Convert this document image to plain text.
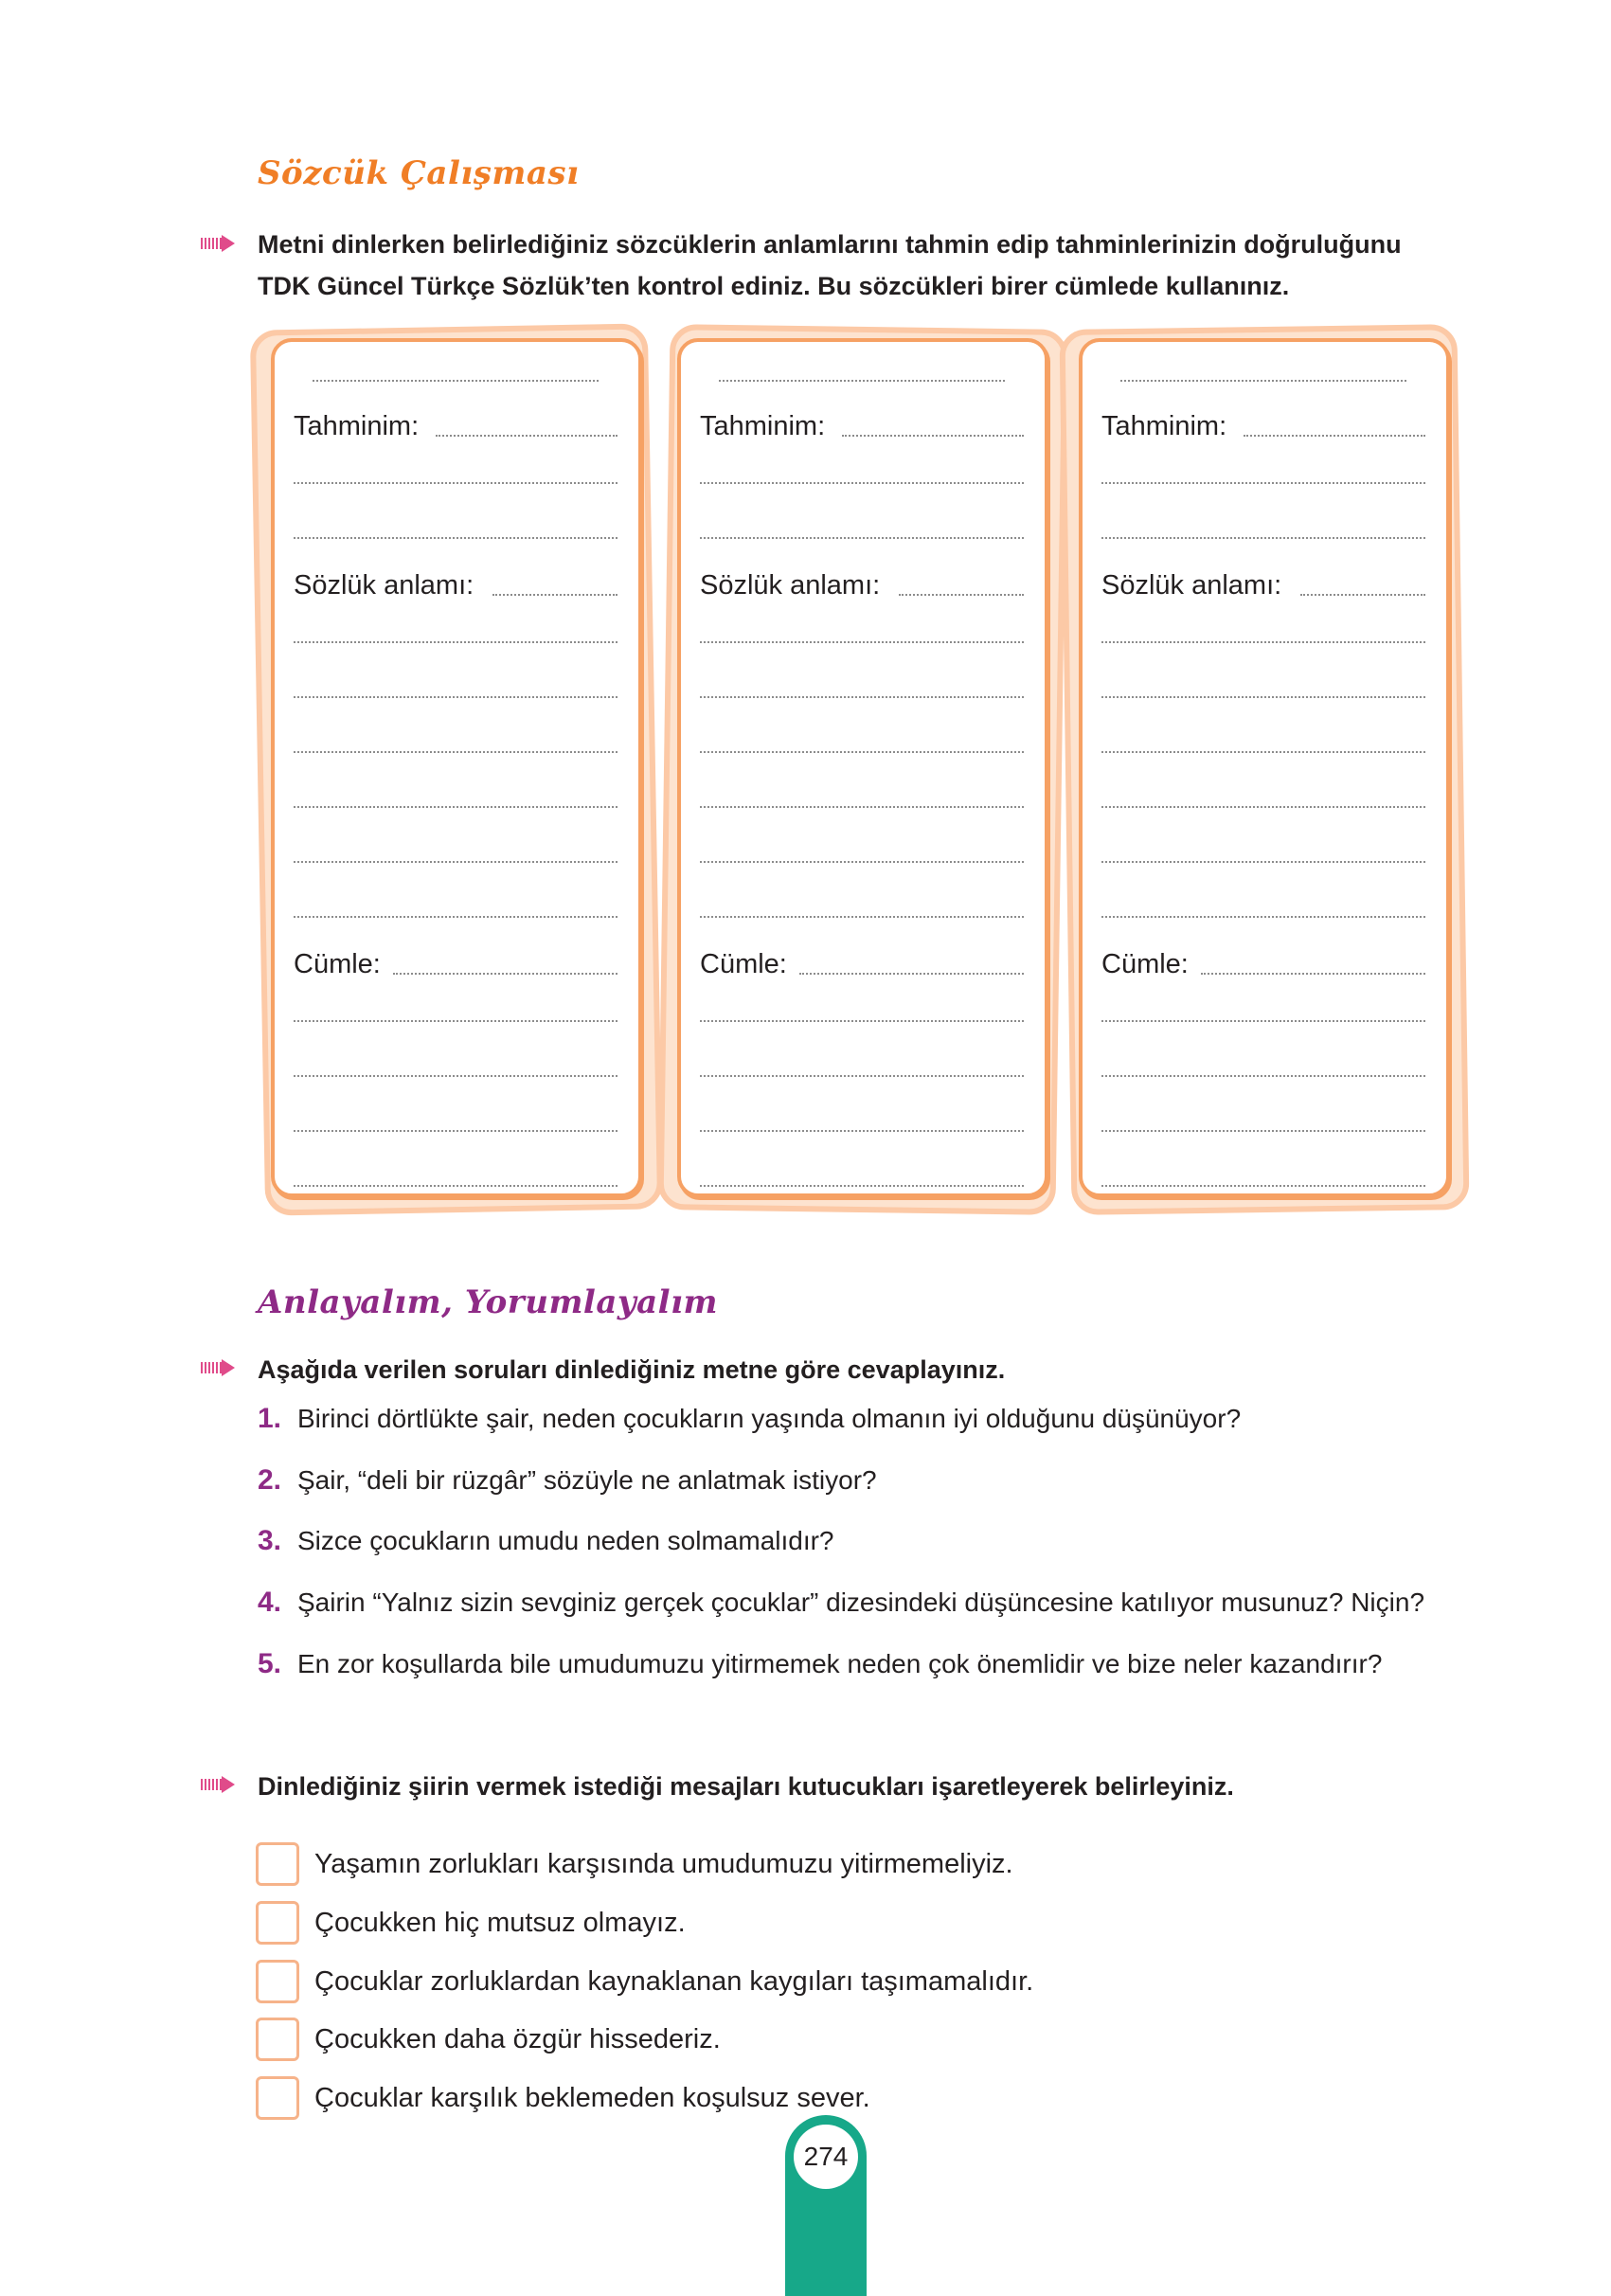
Sözcük Çalışması
Metni dinlerken belirlediğiniz sözcüklerin anlamlarını tahmin edip tahminlerinizin doğruluğunu TDK Güncel Türkçe Sözlük’ten kontrol ediniz. Bu sözcükleri birer cümlede kullanınız.
Tahminim:
Sözlük anlamı:
Cümle:
Tahminim:
Sözlük anlamı:
Cümle:
Tahminim:
Sözlük anlamı:
Cümle:
Anlayalım, Yorumlayalım
Aşağıda verilen soruları dinlediğiniz metne göre cevaplayınız.
1. Birinci dörtlükte şair, neden çocukların yaşında olmanın iyi olduğunu düşünüyor?
2. Şair, “deli bir rüzgâr” sözüyle ne anlatmak istiyor?
3. Sizce çocukların umudu neden solmamalıdır?
4. Şairin “Yalnız sizin sevginiz gerçek çocuklar” dizesindeki düşüncesine katılıyor musunuz? Niçin?
5. En zor koşullarda bile umudumuzu yitirmemek neden çok önemlidir ve bize neler kazandırır?
Dinlediğiniz şiirin vermek istediği mesajları kutucukları işaretleyerek belirleyiniz.
Yaşamın zorlukları karşısında umudumuzu yitirmemeliyiz.
Çocukken hiç mutsuz olmayız.
Çocuklar zorluklardan kaynaklanan kaygıları taşımamalıdır.
Çocukken daha özgür hissederiz.
Çocuklar karşılık beklemeden koşulsuz sever.
274
